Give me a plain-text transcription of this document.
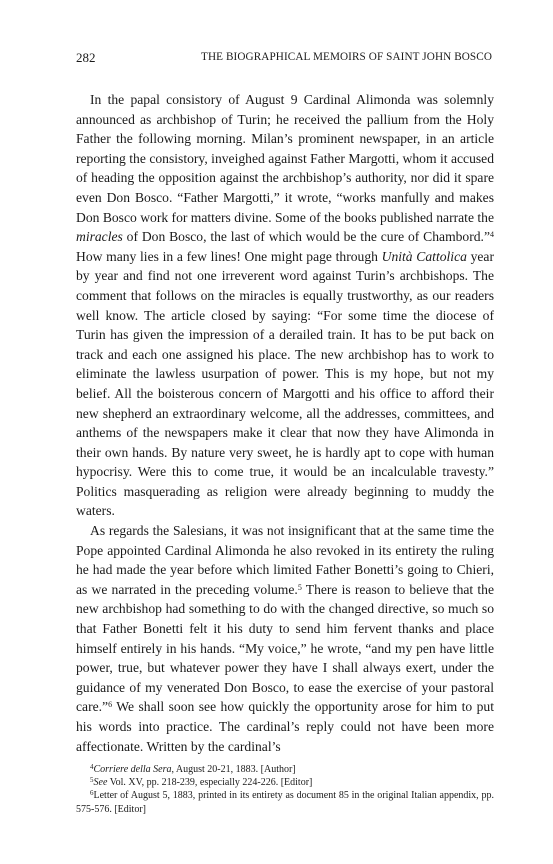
282	THE BIOGRAPHICAL MEMOIRS OF SAINT JOHN BOSCO

In the papal consistory of August 9 Cardinal Alimonda was solemnly announced as archbishop of Turin; he received the pallium from the Holy Father the following morning. Milan’s prominent newspaper, in an article reporting the consistory, inveighed against Father Margotti, whom it accused of heading the opposition against the archbishop’s authority, nor did it spare even Don Bosco. “Father Margotti,” it wrote, “works manfully and makes Don Bosco work for matters divine. Some of the books published narrate the miracles of Don Bosco, the last of which would be the cure of Chambord.”$^4$ How many lies in a few lines! One might page through Unità Cattolica year by year and find not one irreverent word against Turin’s archbishops. The comment that follows on the miracles is equally trustworthy, as our readers well know. The article closed by saying: “For some time the diocese of Turin has given the impression of a derailed train. It has to be put back on track and each one assigned his place. The new archbishop has to work to eliminate the lawless usurpation of power. This is my hope, but not my belief. All the boisterous concern of Margotti and his office to afford their new shepherd an extraordinary welcome, all the addresses, committees, and anthems of the newspapers make it clear that now they have Alimonda in their own hands. By nature very sweet, he is hardly apt to cope with human hypocrisy. Were this to come true, it would be an incalculable travesty.” Politics masquerading as religion were already beginning to muddy the waters.

As regards the Salesians, it was not insignificant that at the same time the Pope appointed Cardinal Alimonda he also revoked in its entirety the ruling he had made the year before which limited Father Bonetti’s going to Chieri, as we narrated in the preceding volume.$^5$ There is reason to believe that the new archbishop had something to do with the changed directive, so much so that Father Bonetti felt it his duty to send him fervent thanks and place himself entirely in his hands. “My voice,” he wrote, “and my pen have little power, true, but whatever power they have I shall always exert, under the guidance of my venerated Don Bosco, to ease the exercise of your pastoral care.”$^6$ We shall soon see how quickly the opportunity arose for him to put his words into practice. The cardinal’s reply could not have been more affectionate. Written by the cardinal’s

$^4$Corriere della Sera, August 20-21, 1883. [Author]

$^5$See Vol. XV, pp. 218-239, especially 224-226. [Editor]

$^6$Letter of August 5, 1883, printed in its entirety as document 85 in the original Italian appendix, pp. 575-576. [Editor]
